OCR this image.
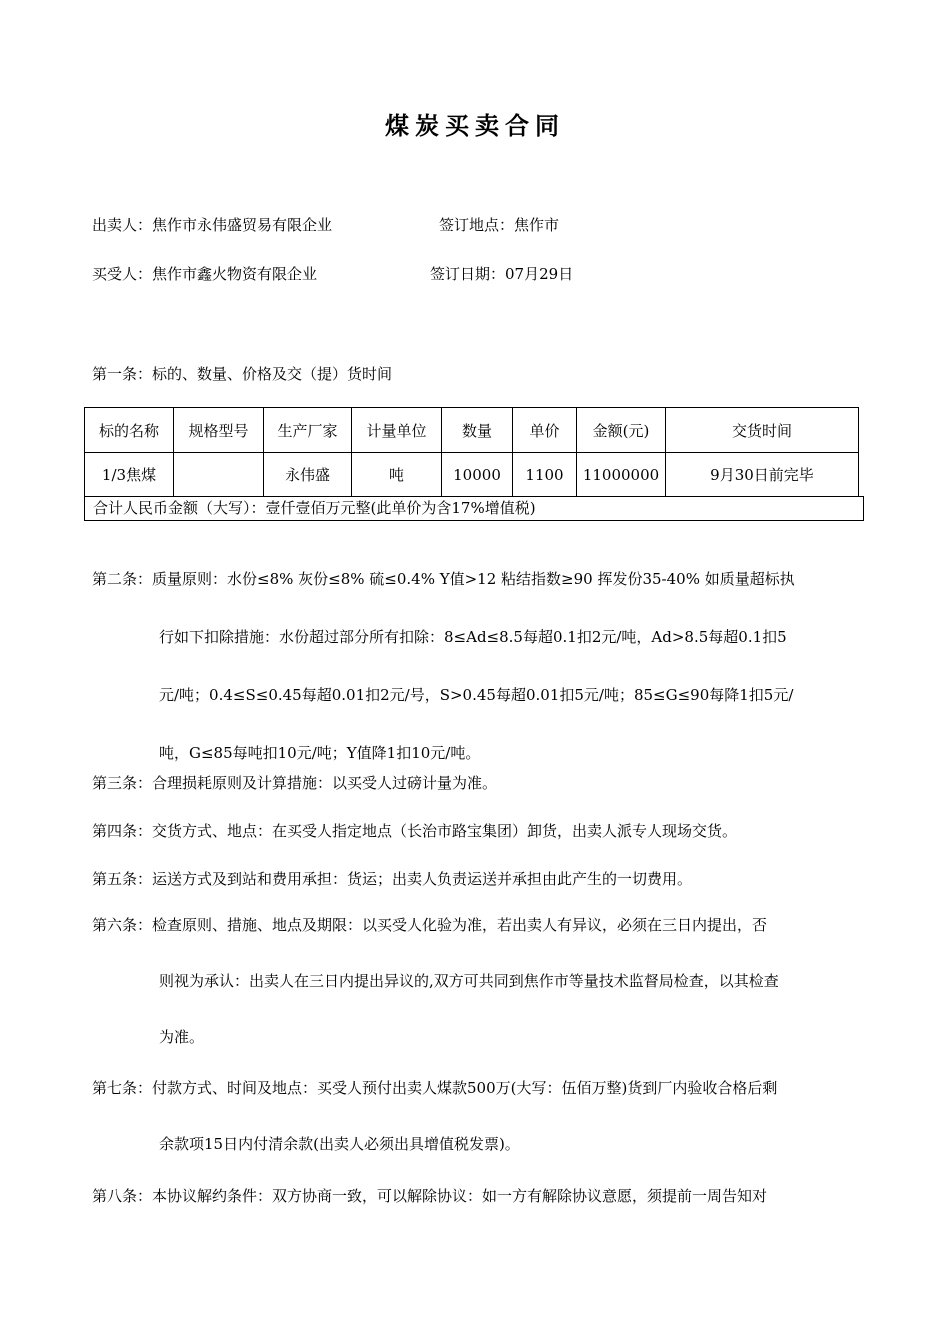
煤炭买卖合同
出卖人：焦作市永伟盛贸易有限企业	签订地点：焦作市
买受人：焦作市鑫火物资有限企业	签订日期：07月29日
第一条：标的、数量、价格及交（提）货时间
标的名称	规格型号	生产厂家	计量单位	数量	单价	金额(元)	交货时间
1/3焦煤		永伟盛	吨	10000	1100	11000000	9月30日前完毕
合计人民币金额（大写）：壹仟壹佰万元整(此单价为含17%增值税)
第二条：质量原则：水份≤8% 灰份≤8% 硫≤0.4% Y值>12 粘结指数≥90 挥发份35-40% 如质量超标执
行如下扣除措施：水份超过部分所有扣除：8≤Ad≤8.5每超0.1扣2元/吨，Ad>8.5每超0.1扣5
元/吨；0.4≤S≤0.45每超0.01扣2元/号，S>0.45每超0.01扣5元/吨；85≤G≤90每降1扣5元/
吨，G≤85每吨扣10元/吨；Y值降1扣10元/吨。
第三条：合理损耗原则及计算措施：以买受人过磅计量为准。
第四条：交货方式、地点：在买受人指定地点（长治市路宝集团）卸货，出卖人派专人现场交货。
第五条：运送方式及到站和费用承担：货运；出卖人负责运送并承担由此产生的一切费用。
第六条：检查原则、措施、地点及期限：以买受人化验为准，若出卖人有异议，必须在三日内提出，否
则视为承认：出卖人在三日内提出异议的,双方可共同到焦作市等量技术监督局检查，以其检查
为准。
第七条：付款方式、时间及地点：买受人预付出卖人煤款500万(大写：伍佰万整)货到厂内验收合格后剩
余款项15日内付清余款(出卖人必须出具增值税发票)。
第八条：本协议解约条件：双方协商一致，可以解除协议：如一方有解除协议意愿，须提前一周告知对
